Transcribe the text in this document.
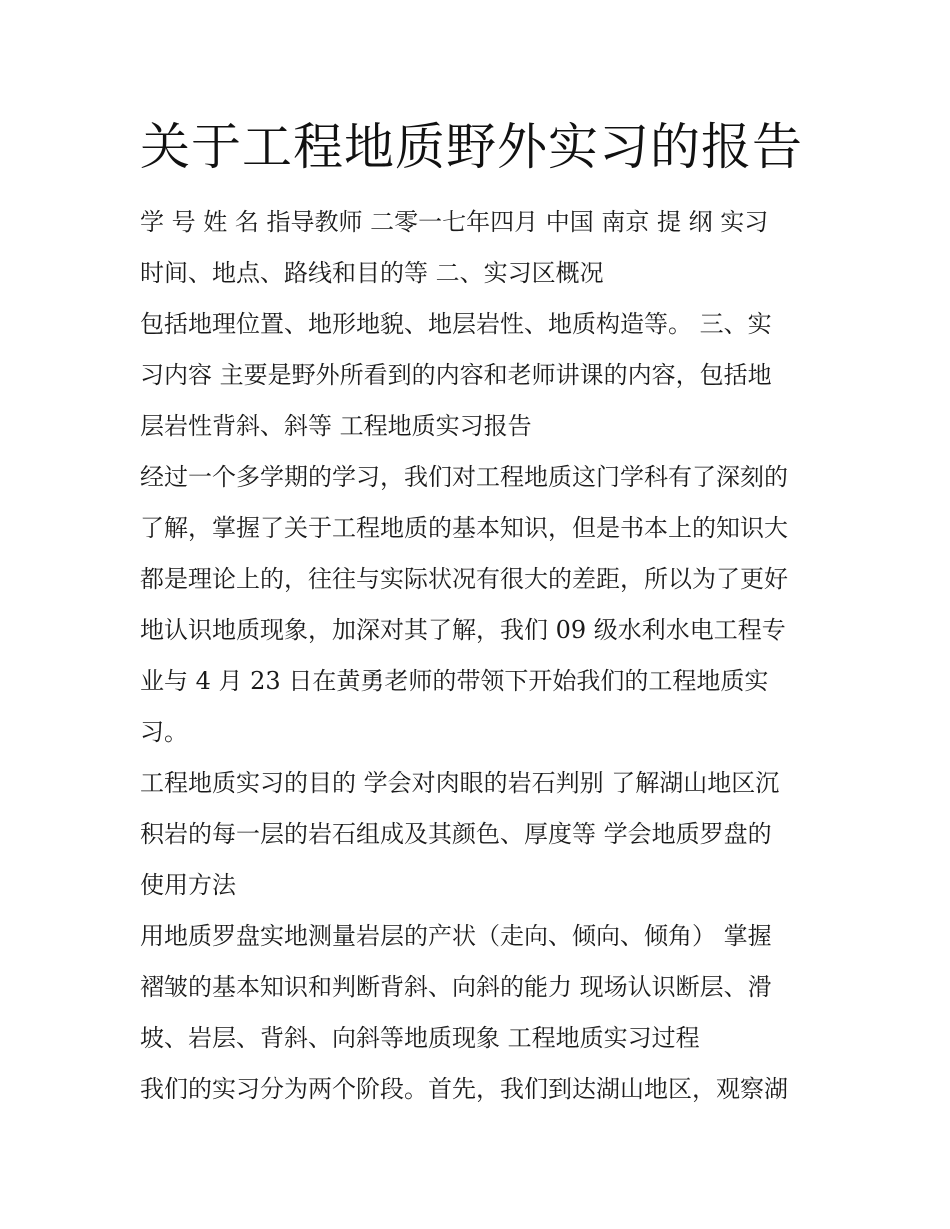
关于工程地质野外实习的报告

学 号 姓 名 指导教师 二零一七年四月 中国 南京 提 纲 实习

时间、地点、路线和目的等 二、实习区概况

包括地理位置、地形地貌、地层岩性、地质构造等。 三、实

习内容 主要是野外所看到的内容和老师讲课的内容，包括地

层岩性背斜、斜等 工程地质实习报告

经过一个多学期的学习，我们对工程地质这门学科有了深刻的

了解，掌握了关于工程地质的基本知识，但是书本上的知识大

都是理论上的，往往与实际状况有很大的差距，所以为了更好

地认识地质现象，加深对其了解，我们 09 级水利水电工程专

业与 4 月 23 日在黄勇老师的带领下开始我们的工程地质实

习。

工程地质实习的目的 学会对肉眼的岩石判别 了解湖山地区沉

积岩的每一层的岩石组成及其颜色、厚度等 学会地质罗盘的

使用方法

用地质罗盘实地测量岩层的产状（走向、倾向、倾角） 掌握

褶皱的基本知识和判断背斜、向斜的能力 现场认识断层、滑

坡、岩层、背斜、向斜等地质现象 工程地质实习过程

我们的实习分为两个阶段。首先，我们到达湖山地区，观察湖
